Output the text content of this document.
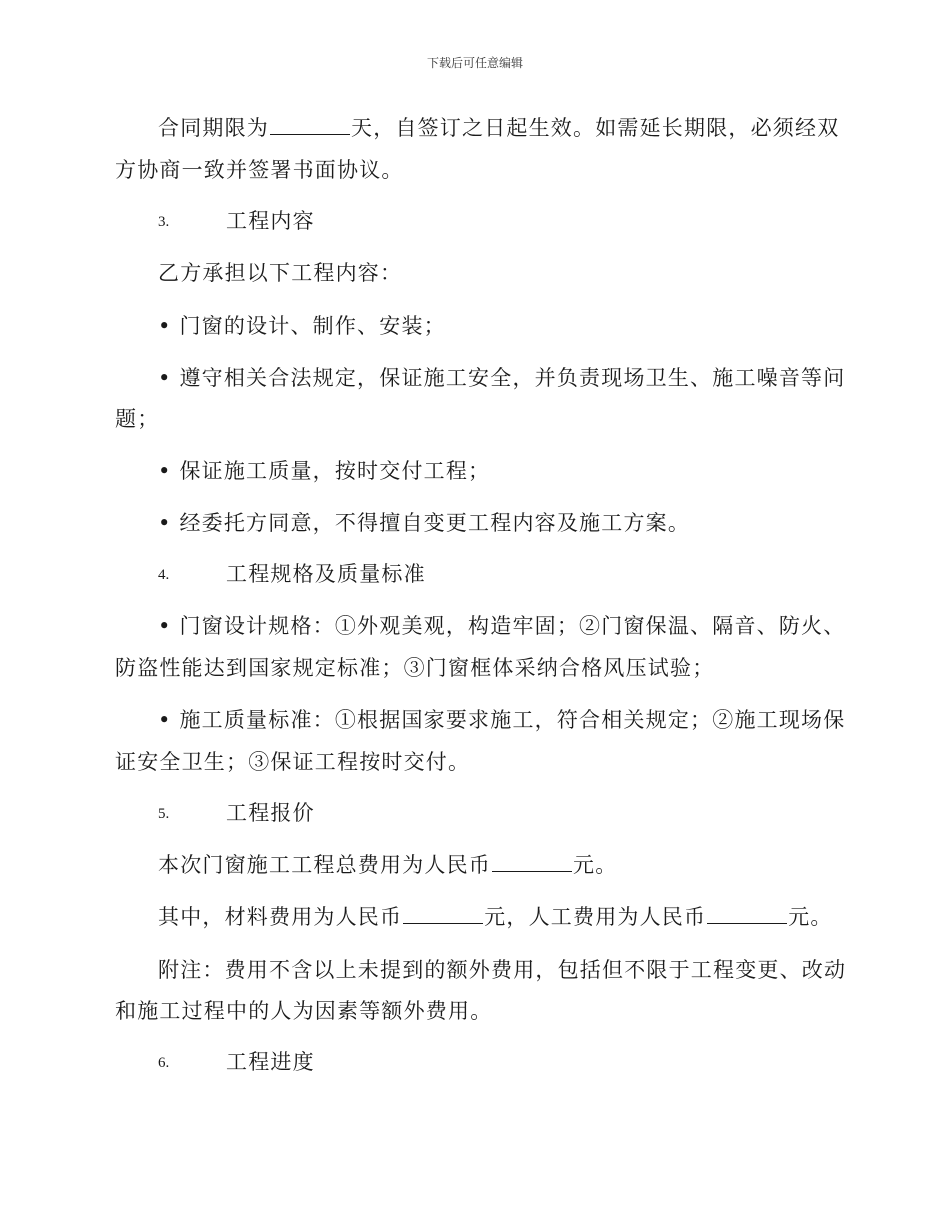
下载后可任意编辑
合同期限为	天，自签订之日起生效。如需延长期限，必须经双
方协商一致并签署书面协议。
3.	工程内容
乙方承担以下工程内容：
• 门窗的设计、制作、安装；
• 遵守相关合法规定，保证施工安全，并负责现场卫生、施工噪音等问
题；
• 保证施工质量，按时交付工程；
• 经委托方同意，不得擅自变更工程内容及施工方案。
4.	工程规格及质量标准
• 门窗设计规格：①外观美观，构造牢固；②门窗保温、隔音、防火、
防盗性能达到国家规定标准；③门窗框体采纳合格风压试验；
• 施工质量标准：①根据国家要求施工，符合相关规定；②施工现场保
证安全卫生；③保证工程按时交付。
5.	工程报价
本次门窗施工工程总费用为人民币	元。
其中，材料费用为人民币	元，人工费用为人民币	元。
附注：费用不含以上未提到的额外费用，包括但不限于工程变更、改动
和施工过程中的人为因素等额外费用。
6.	工程进度
